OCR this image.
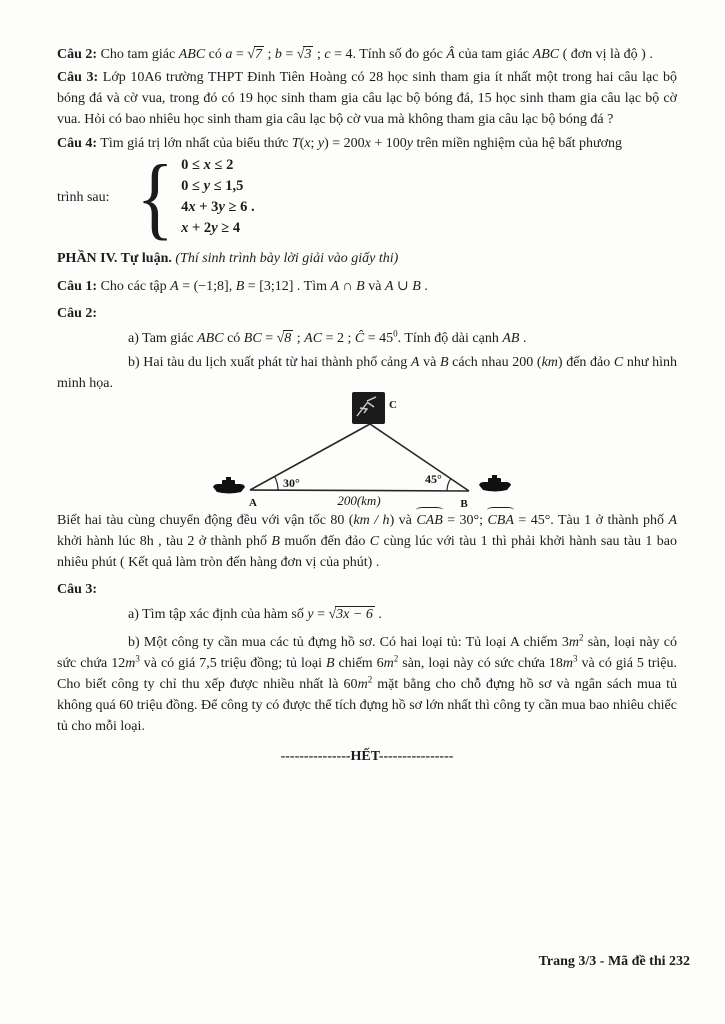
Câu 2: Cho tam giác ABC có a = √7 ; b = √3 ; c = 4. Tính số đo góc Â của tam giác ABC ( đơn vị là độ ) .

Câu 3: Lớp 10A6 trường THPT Đinh Tiên Hoàng có 28 học sinh tham gia ít nhất một trong hai câu lạc bộ bóng đá và cờ vua, trong đó có 19 học sinh tham gia câu lạc bộ bóng đá, 15 học sinh tham gia câu lạc bộ cờ vua. Hỏi có bao nhiêu học sinh tham gia câu lạc bộ cờ vua mà không tham gia câu lạc bộ bóng đá ?

Câu 4: Tìm giá trị lớn nhất của biểu thức T(x; y) = 200x + 100y trên miền nghiệm của hệ bất phương

trình sau: { 0 ≤ x ≤ 2
0 ≤ y ≤ 1,5
4x + 3y ≥ 6 .
x + 2y ≥ 4

PHẦN IV. Tự luận. (Thí sinh trình bày lời giải vào giấy thi)

Câu 1: Cho các tập A = (−1;8], B = [3;12] . Tìm A ∩ B và A ∪ B .

Câu 2:

a) Tam giác ABC có BC = √8 ; AC = 2 ; Ĉ = $45^0$. Tính độ dài cạnh AB .

b) Hai tàu du lịch xuất phát từ hai thành phố cảng A và B cách nhau 200 (km) đến đảo C như hình minh họa.

30°	45°
200(km)
A	B
C

Biết hai tàu cùng chuyển động đều với vận tốc 80 (km / h) và CAB = 30°; CBA = 45°. Tàu 1 ở thành phố A khởi hành lúc 8h , tàu 2 ở thành phố B muốn đến đảo C cùng lúc với tàu 1 thì phải khởi hành sau tàu 1 bao nhiêu phút ( Kết quả làm tròn đến hàng đơn vị của phút) .

Câu 3:

a) Tìm tập xác định của hàm số y = √3x − 6 .

b) Một công ty cần mua các tủ đựng hồ sơ. Có hai loại tủ: Tủ loại A chiếm $3m^2$ sàn, loại này có sức chứa $12m^3$ và có giá 7,5 triệu đồng; tủ loại B chiếm $6m^2$ sàn, loại này có sức chứa $18m^3$ và có giá 5 triệu. Cho biết công ty chỉ thu xếp được nhiều nhất là $60m^2$ mặt bằng cho chỗ đựng hồ sơ và ngân sách mua tủ không quá 60 triệu đồng. Để công ty có được thể tích đựng hồ sơ lớn nhất thì công ty cần mua bao nhiêu chiếc tủ cho mỗi loại.

---------------HẾT----------------
Trang 3/3 - Mã đề thi 232
